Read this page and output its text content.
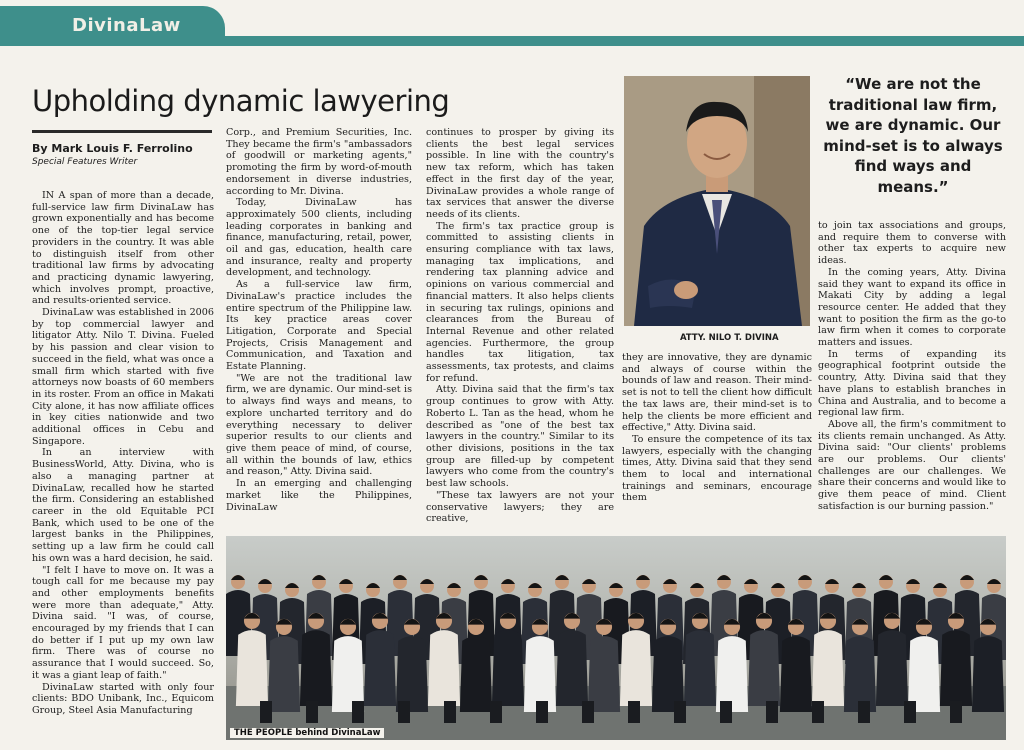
DivinaLaw
Upholding dynamic lawyering
By Mark Louis F. Ferrolino
Special Features Writer

IN A span of more than a decade, full-service law firm DivinaLaw has grown exponentially and has become one of the top-tier legal service providers in the country. It was able to distinguish itself from other traditional law firms by advocating and practicing dynamic lawyering, which involves prompt, proactive, and results-oriented service.

DivinaLaw was established in 2006 by top commercial lawyer and litigator Atty. Nilo T. Divina. Fueled by his passion and clear vision to succeed in the field, what was once a small firm which started with five attorneys now boasts of 60 members in its roster. From an office in Makati City alone, it has now affiliate offices in key cities nationwide and two additional offices in Cebu and Singapore.

In an interview with BusinessWorld, Atty. Divina, who is also a managing partner at DivinaLaw, recalled how he started the firm. Considering an established career in the old Equitable PCI Bank, which used to be one of the largest banks in the Philippines, setting up a law firm he could call his own was a hard decision, he said.

"I felt I have to move on. It was a tough call for me because my pay and other employments benefits were more than adequate," Atty. Divina said. "I was, of course, encouraged by my friends that I can do better if I put up my own law firm. There was of course no assurance that I would succeed. So, it was a giant leap of faith."

DivinaLaw started with only four clients: BDO Unibank, Inc., Equicom Group, Steel Asia Manufacturing

Corp., and Premium Securities, Inc. They became the firm's "ambassadors of goodwill or marketing agents," promoting the firm by word-of-mouth endorsement in diverse industries, according to Mr. Divina.

Today, DivinaLaw has approximately 500 clients, including leading corporates in banking and finance, manufacturing, retail, power, oil and gas, education, health care and insurance, realty and property development, and technology.

As a full-service law firm, DivinaLaw's practice includes the entire spectrum of the Philippine law. Its key practice areas cover Litigation, Corporate and Special Projects, Crisis Management and Communication, and Taxation and Estate Planning.

"We are not the traditional law firm, we are dynamic. Our mind-set is to always find ways and means, to explore uncharted territory and do everything necessary to deliver superior results to our clients and give them peace of mind, of course, all within the bounds of law, ethics and reason," Atty. Divina said.

In an emerging and challenging market like the Philippines, DivinaLaw

continues to prosper by giving its clients the best legal services possible. In line with the country's new tax reform, which has taken effect in the first day of the year, DivinaLaw provides a whole range of tax services that answer the diverse needs of its clients.

The firm's tax practice group is committed to assisting clients in ensuring compliance with tax laws, managing tax implications, and rendering tax planning advice and opinions on various commercial and financial matters. It also helps clients in securing tax rulings, opinions and clearances from the Bureau of Internal Revenue and other related agencies. Furthermore, the group handles tax litigation, tax assessments, tax protests, and claims for refund.

Atty. Divina said that the firm's tax group continues to grow with Atty. Roberto L. Tan as the head, whom he described as "one of the best tax lawyers in the country." Similar to its other divisions, positions in the tax group are filled-up by competent lawyers who come from the country's best law schools.

"These tax lawyers are not your conservative lawyers; they are creative,

ATTY. NILO T. DIVINA
“We are not the traditional law firm, we are dynamic. Our mind-set is to always find ways and means.”

they are innovative, they are dynamic and always of course within the bounds of law and reason. Their mind-set is not to tell the client how difficult the tax laws are, their mind-set is to help the clients be more efficient and effective," Atty. Divina said.

To ensure the competence of its tax lawyers, especially with the changing times, Atty. Divina said that they send them to local and international trainings and seminars, encourage them

to join tax associations and groups, and require them to converse with other tax experts to acquire new ideas.

In the coming years, Atty. Divina said they want to expand its office in Makati City by adding a legal resource center. He added that they want to position the firm as the go-to law firm when it comes to corporate matters and issues.

In terms of expanding its geographical footprint outside the country, Atty. Divina said that they have plans to establish branches in China and Australia, and to become a regional law firm.

Above all, the firm's commitment to its clients remain unchanged. As Atty. Divina said: "Our clients' problems are our problems. Our clients' challenges are our challenges. We share their concerns and would like to give them peace of mind. Client satisfaction is our burning passion."

THE PEOPLE behind DivinaLaw
